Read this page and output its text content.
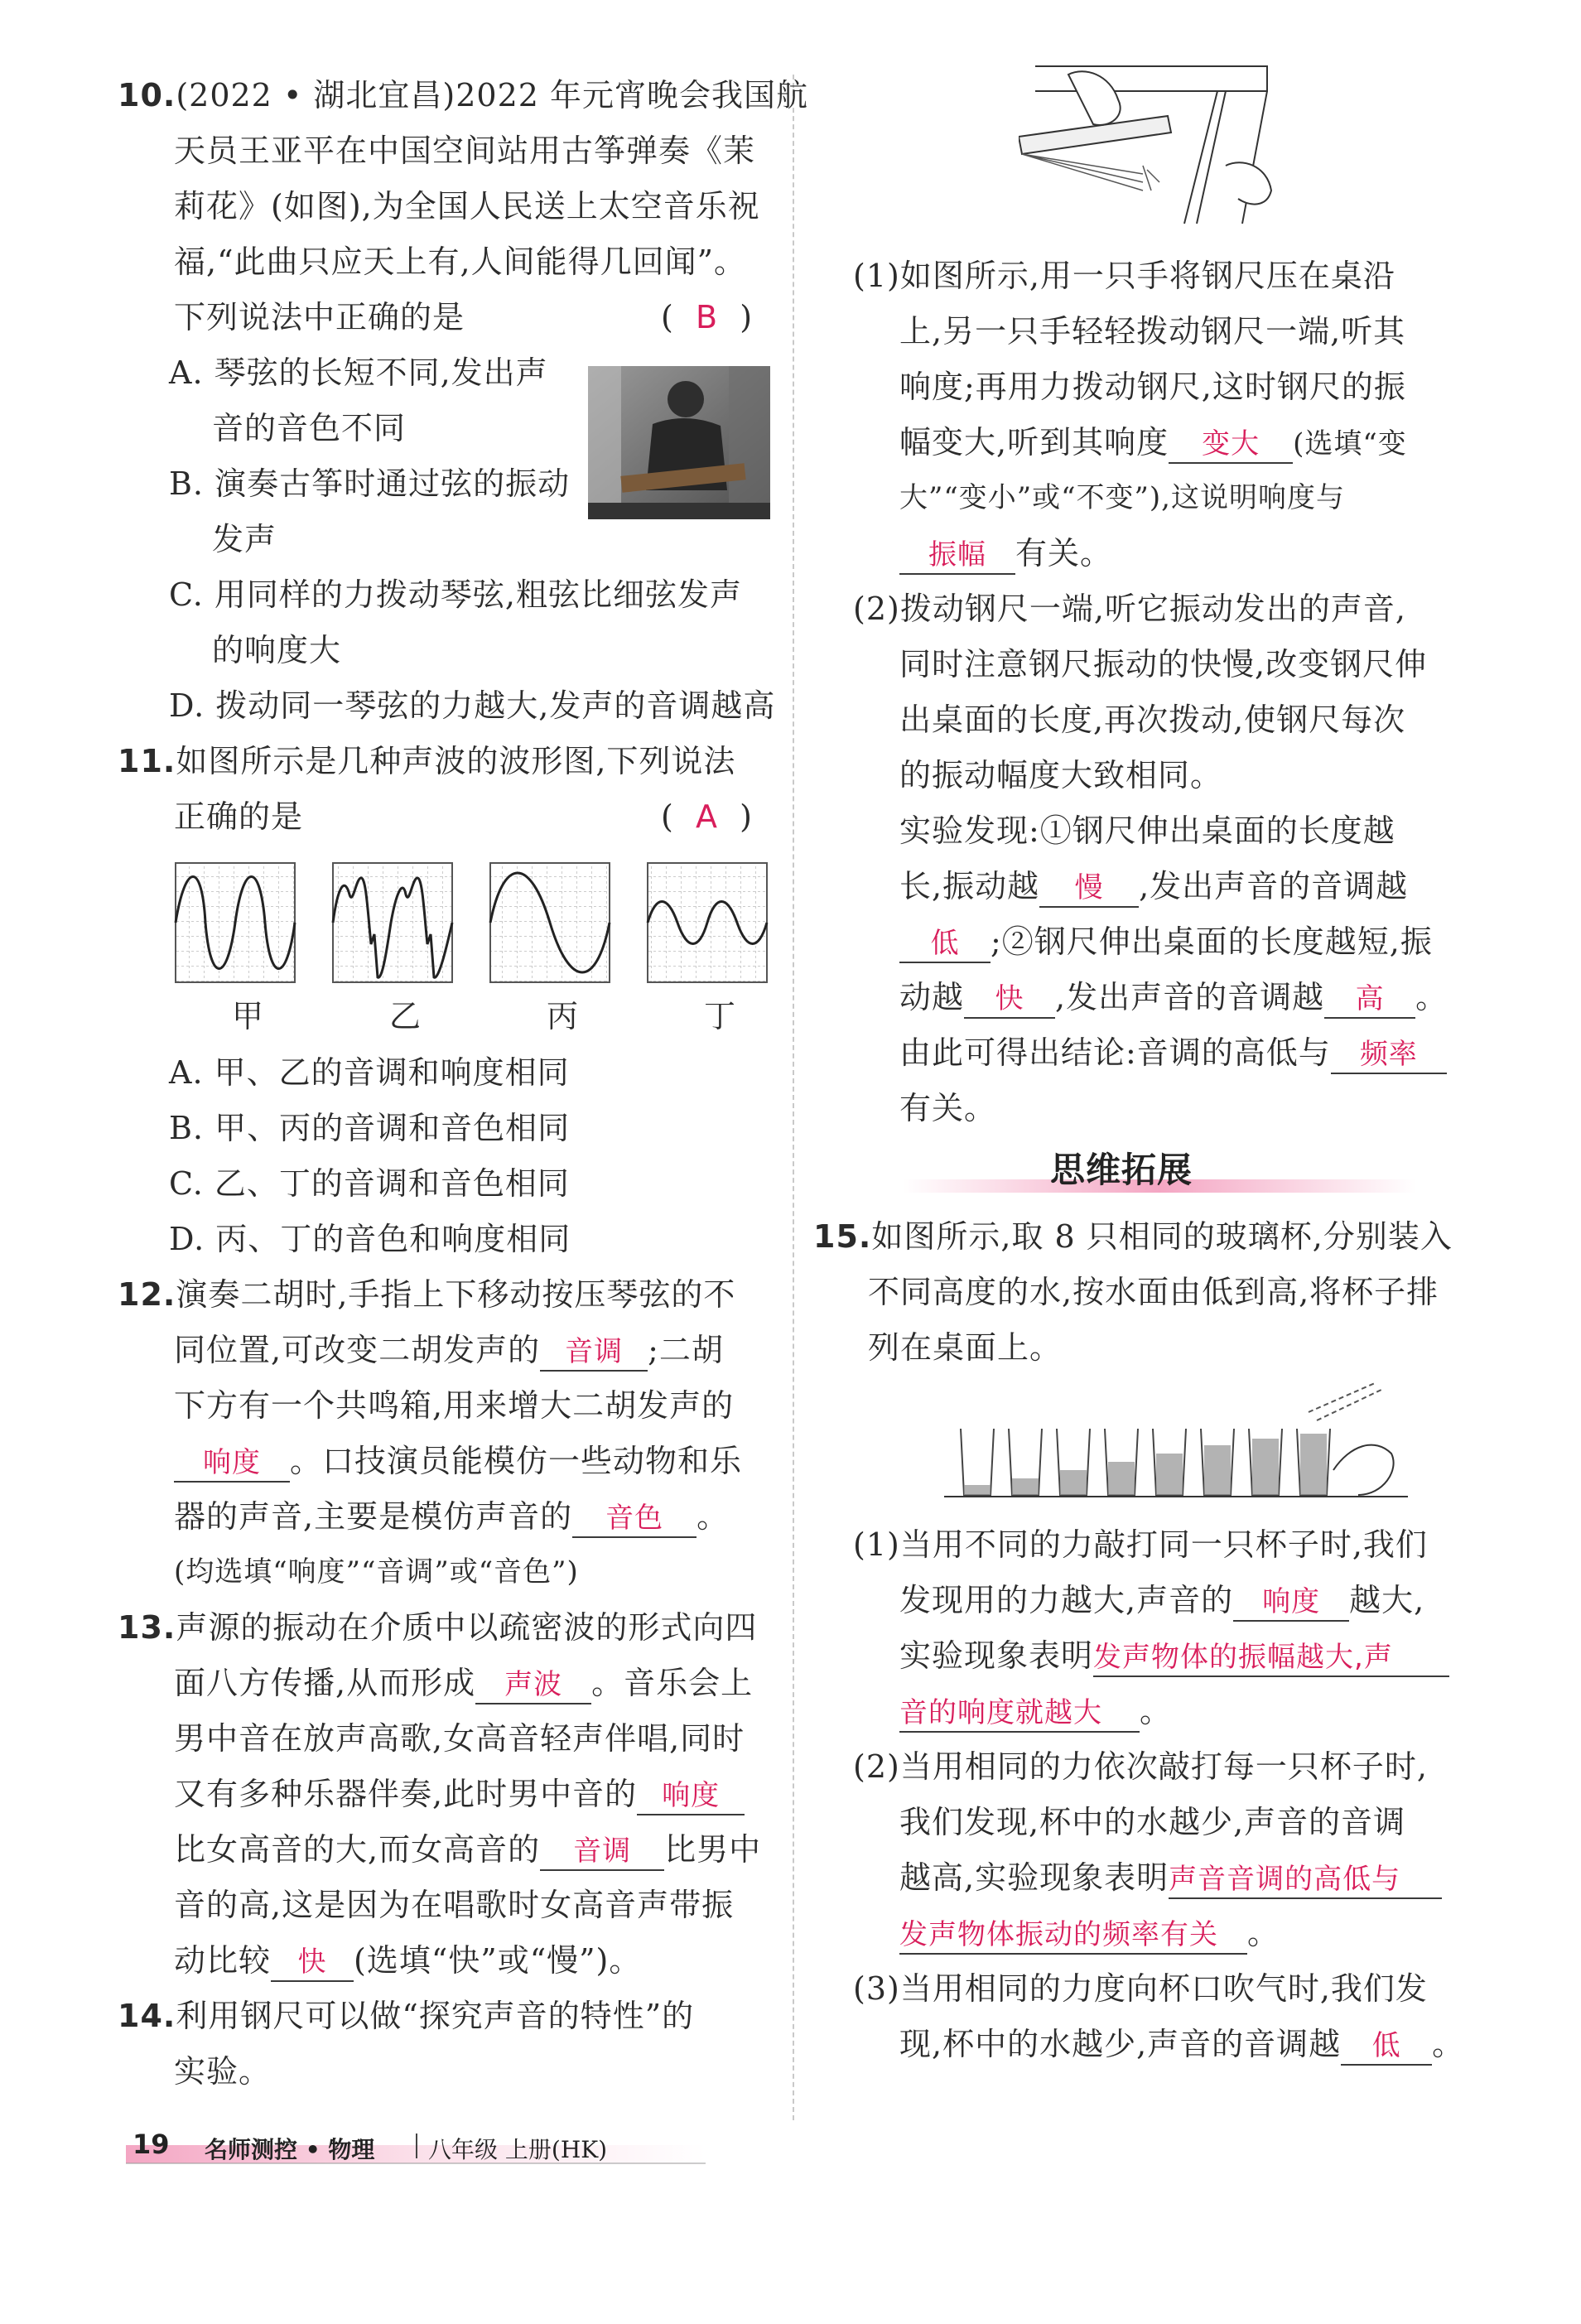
10.(2022 • 湖北宜昌)2022 年元宵晚会我国航
天员王亚平在中国空间站用古筝弹奏《茉
莉花》(如图),为全国人民送上太空音乐祝
福,“此曲只应天上有,人间能得几回闻”。
下列说法中正确的是	(  B  )
A. 琴弦的长短不同,发出声
音的音色不同
B. 演奏古筝时通过弦的振动
发声
C. 用同样的力拨动琴弦,粗弦比细弦发声
的响度大
D. 拨动同一琴弦的力越大,发声的音调越高
11.如图所示是几种声波的波形图,下列说法
正确的是	(  A  )
甲	乙	丙	丁
A. 甲、乙的音调和响度相同
B. 甲、丙的音调和音色相同
C. 乙、丁的音调和音色相同
D. 丙、丁的音色和响度相同
12.演奏二胡时,手指上下移动按压琴弦的不
同位置,可改变二胡发声的 音调 ;二胡
下方有一个共鸣箱,用来增大二胡发声的
响度 。口技演员能模仿一些动物和乐
器的声音,主要是模仿声音的 音色 。
(均选填“响度”“音调”或“音色”)
13.声源的振动在介质中以疏密波的形式向四
面八方传播,从而形成 声波 。音乐会上
男中音在放声高歌,女高音轻声伴唱,同时
又有多种乐器伴奏,此时男中音的 响度
比女高音的大,而女高音的 音调 比男中
音的高,这是因为在唱歌时女高音声带振
动比较 快 (选填“快”或“慢”)。
14.利用钢尺可以做“探究声音的特性”的
实验。
(1)如图所示,用一只手将钢尺压在桌沿
上,另一只手轻轻拨动钢尺一端,听其
响度;再用力拨动钢尺,这时钢尺的振
幅变大,听到其响度 变大 (选填“变
大”“变小”或“不变”),这说明响度与
振幅 有关。
(2)拨动钢尺一端,听它振动发出的声音,
同时注意钢尺振动的快慢,改变钢尺伸
出桌面的长度,再次拨动,使钢尺每次
的振动幅度大致相同。
实验发现:①钢尺伸出桌面的长度越
长,振动越 慢 ,发出声音的音调越
低 ;②钢尺伸出桌面的长度越短,振
动越 快 ,发出声音的音调越 高 。
由此可得出结论:音调的高低与 频率
有关。
思维拓展
15.如图所示,取 8 只相同的玻璃杯,分别装入
不同高度的水,按水面由低到高,将杯子排
列在桌面上。
(1)当用不同的力敲打同一只杯子时,我们
发现用的力越大,声音的 响度 越大,
实验现象表明发声物体的振幅越大,声
音的响度就越大 。
(2)当用相同的力依次敲打每一只杯子时,
我们发现,杯中的水越少,声音的音调
越高,实验现象表明声音音调的高低与
发声物体振动的频率有关 。
(3)当用相同的力度向杯口吹气时,我们发
现,杯中的水越少,声音的音调越 低 。
19 名师测控 • 物理 八年级 上册(HK)
